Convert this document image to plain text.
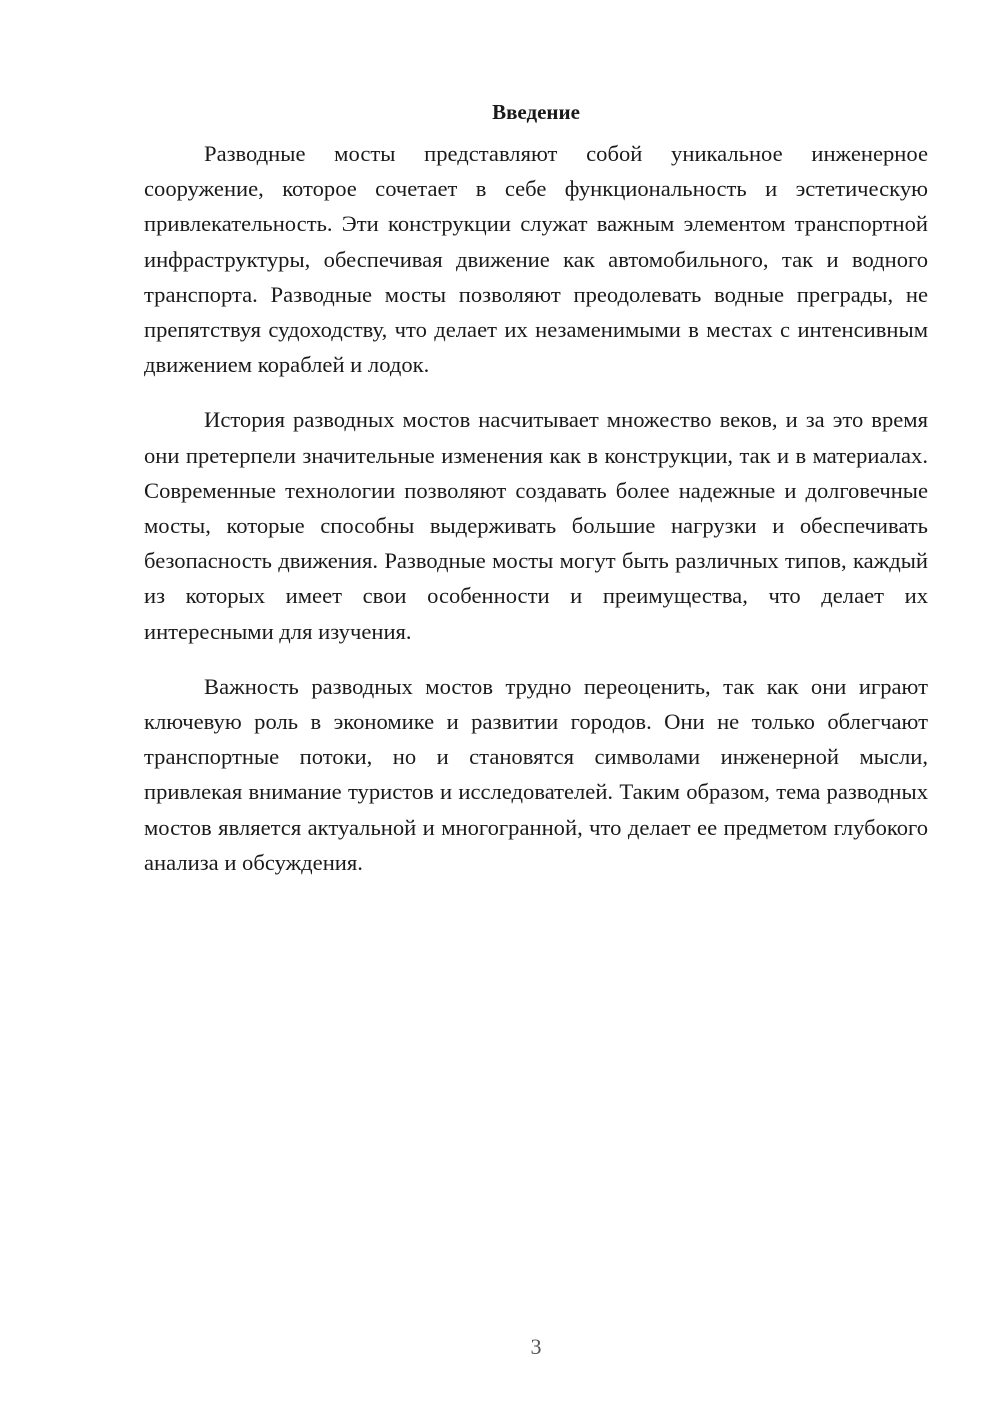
Введение

Разводные мосты представляют собой уникальное инженерное сооружение, которое сочетает в себе функциональность и эстетическую привлекательность. Эти конструкции служат важным элементом транспортной инфраструктуры, обеспечивая движение как автомобильного, так и водного транспорта. Разводные мосты позволяют преодолевать водные преграды, не препятствуя судоходству, что делает их незаменимыми в местах с интенсивным движением кораблей и лодок.

История разводных мостов насчитывает множество веков, и за это время они претерпели значительные изменения как в конструкции, так и в материалах. Современные технологии позволяют создавать более надежные и долговечные мосты, которые способны выдерживать большие нагрузки и обеспечивать безопасность движения. Разводные мосты могут быть различных типов, каждый из которых имеет свои особенности и преимущества, что делает их интересными для изучения.

Важность разводных мостов трудно переоценить, так как они играют ключевую роль в экономике и развитии городов. Они не только облегчают транспортные потоки, но и становятся символами инженерной мысли, привлекая внимание туристов и исследователей. Таким образом, тема разводных мостов является актуальной и многогранной, что делает ее предметом глубокого анализа и обсуждения.

3
